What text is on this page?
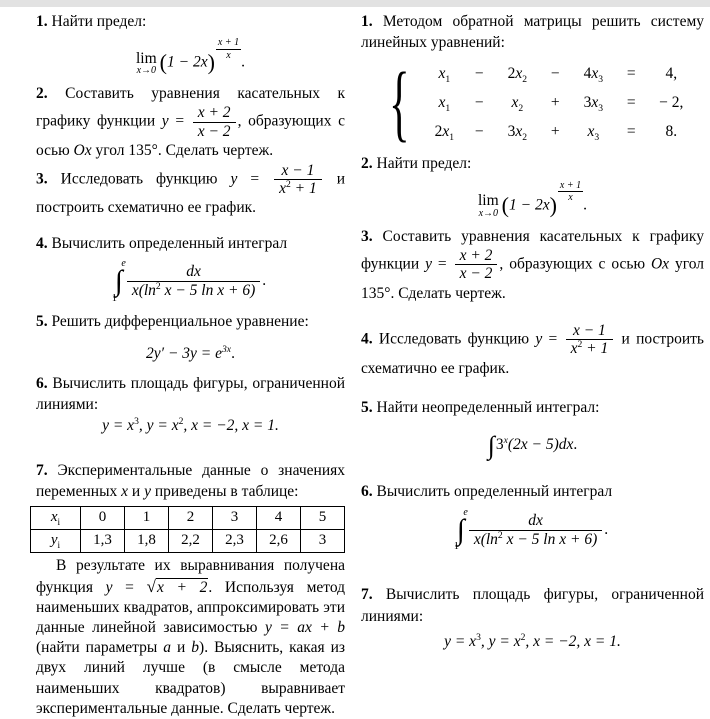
1. Найти предел:

lim
x→0 (1 − 2x)
$\frac{x + 1}{x}$
.

2. Составить уравнения касательных к графику функции $y = \frac{x + 2}{x - 2}$ , образующих с осью Ox угол 135°. Сделать чертеж.

3. Исследовать функцию $y = \frac{x - 1}{x^2 + 1}$ и построить схематично ее график.

4. Вычислить определенный интеграл

e
∫
$1 \frac{dx}{x(\ln^2 x - 5 \ln x + 6)}$ .

5. Решить дифференциальное уравнение:

$2y' - 3y = e^{3x}$.

6. Вычислить площадь фигуры, ограниченной линиями:

$y = x^3$, $y = x^2$, x = −2, x = 1.

7. Экспериментальные данные о значениях переменных x и y приведены в таблице:

$x_i$	0	1	2	3	4	5
$y_i$	1,3	1,8	2,2	2,3	2,6	3

В результате их выравнивания получена функция y = √x + 2. Используя метод наименьших квадратов, аппроксимировать эти данные линейной зависимостью y = ax + b (найти параметры a и b). Выяснить, какая из двух линий лучше (в смысле метода наименьших квадратов) выравнивает экспериментальные данные. Сделать чертеж.

1. Методом обратной матрицы решить систему линейных уравнений:

{	$x_1$	−	$2x_2$	−	$4x_3$	=	4,
$x_1$	−	$x_2$	+	$3x_3$	=	− 2,
$2x_1$	−	$3x_2$	+	$x_3$	=	8.

2. Найти предел:

lim
x→0 (1 − 2x)
$\frac{x + 1}{x}$
.

3. Составить уравнения касательных к графику функции $y = \frac{x + 2}{x - 2}$ , образующих с осью Ox угол 135°. Сделать чертеж.

4. Исследовать функцию $y = \frac{x - 1}{x^2 + 1}$ и построить схематично ее график.

5. Найти неопределенный интеграл:

$\int 3^x(2x - 5)dx$.

6. Вычислить определенный интеграл

e
∫
$1 \frac{dx}{x(\ln^2 x - 5 \ln x + 6)}$ .

7. Вычислить площадь фигуры, ограниченной линиями:

$y = x^3$, $y = x^2$, x = −2, x = 1.
